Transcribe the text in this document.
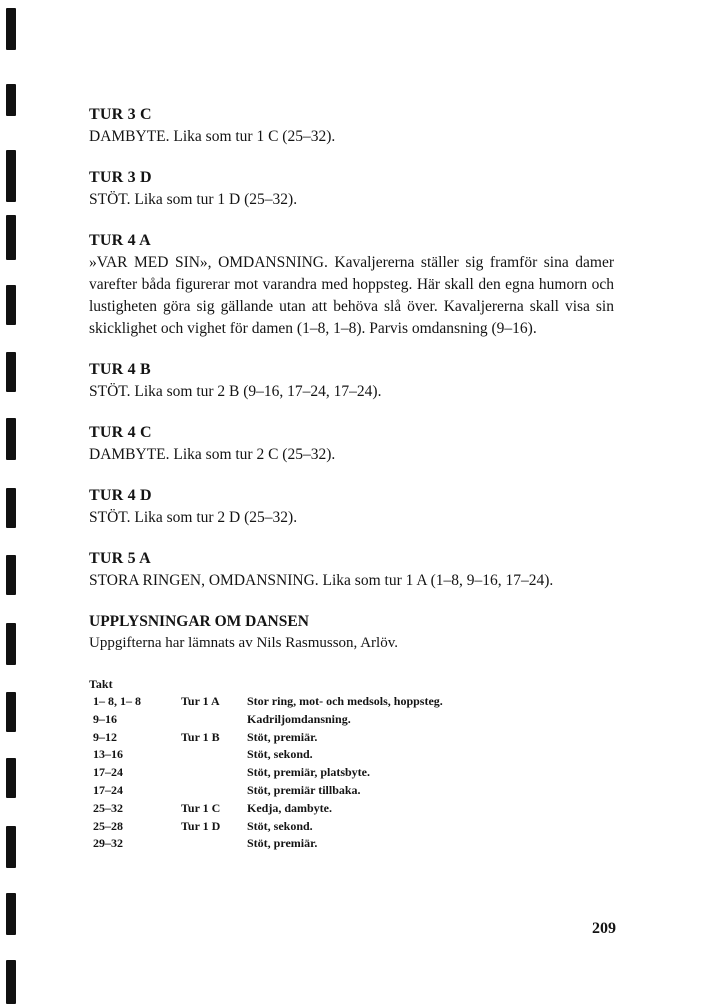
TUR 3 C
DAMBYTE. Lika som tur 1 C (25–32).
TUR 3 D
STÖT. Lika som tur 1 D (25–32).
TUR 4 A
»VAR MED SIN», OMDANSNING. Kavaljererna ställer sig framför sina damer varefter båda figurerar mot varandra med hoppsteg. Här skall den egna humorn och lustigheten göra sig gällande utan att behöva slå över. Kavaljererna skall visa sin skicklighet och vighet för damen (1–8, 1–8). Parvis omdansning (9–16).
TUR 4 B
STÖT. Lika som tur 2 B (9–16, 17–24, 17–24).
TUR 4 C
DAMBYTE. Lika som tur 2 C (25–32).
TUR 4 D
STÖT. Lika som tur 2 D (25–32).
TUR 5 A
STORA RINGEN, OMDANSNING. Lika som tur 1 A (1–8, 9–16, 17–24).
UPPLYSNINGAR OM DANSEN
Uppgifterna har lämnats av Nils Rasmusson, Arlöv.
Takt
1– 8, 1– 8	Tur 1 A	Stor ring, mot- och medsols, hoppsteg.
9–16		Kadriljomdansning.
9–12	Tur 1 B	Stöt, premiär.
13–16		Stöt, sekond.
17–24		Stöt, premiär, platsbyte.
17–24		Stöt, premiär tillbaka.
25–32	Tur 1 C	Kedja, dambyte.
25–28	Tur 1 D	Stöt, sekond.
29–32		Stöt, premiär.
209
